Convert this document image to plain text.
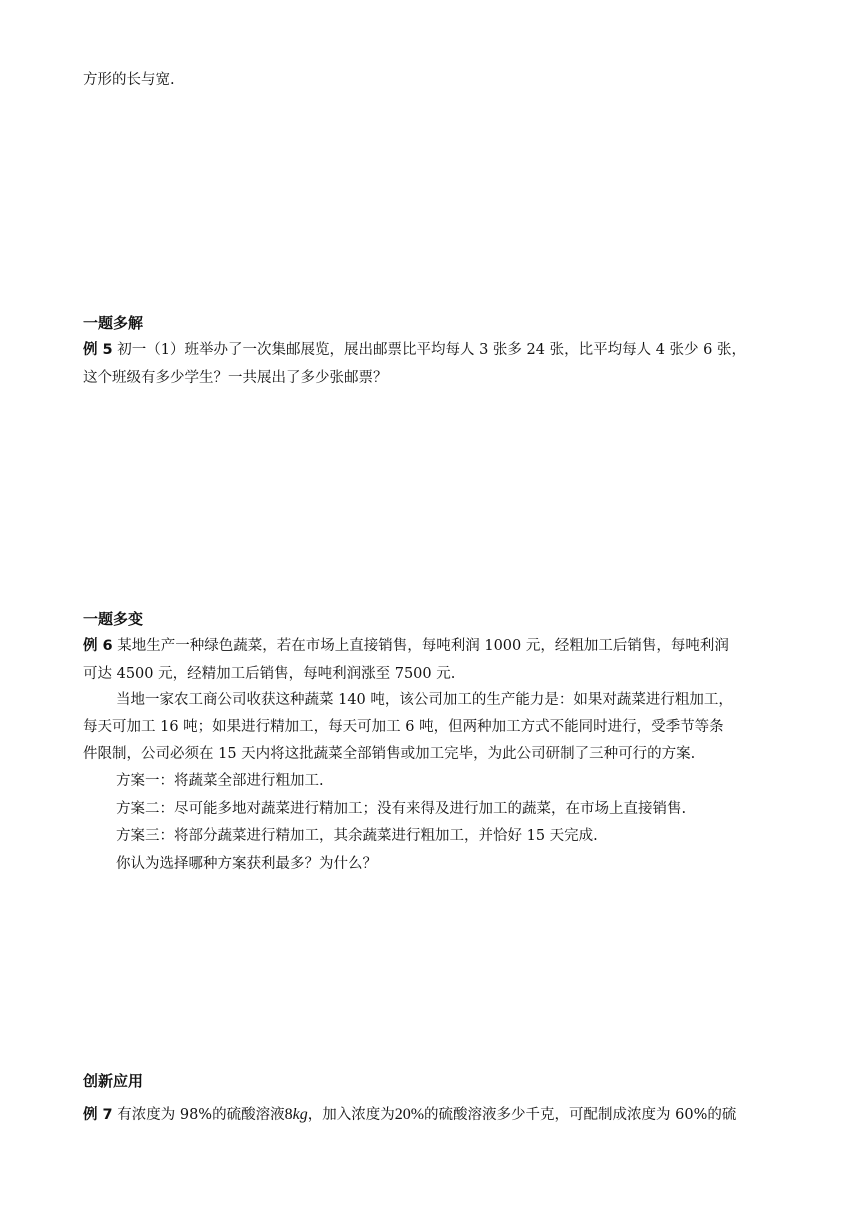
方形的长与宽.

一题多解

例 5 初一（1）班举办了一次集邮展览，展出邮票比平均每人 3 张多 24 张，比平均每人 4 张少 6 张，

这个班级有多少学生？一共展出了多少张邮票？

一题多变

例 6 某地生产一种绿色蔬菜，若在市场上直接销售，每吨利润 1000 元，经粗加工后销售，每吨利润

可达 4500 元，经精加工后销售，每吨利润涨至 7500 元.

当地一家农工商公司收获这种蔬菜 140 吨，该公司加工的生产能力是：如果对蔬菜进行粗加工，

每天可加工 16 吨；如果进行精加工，每天可加工 6 吨，但两种加工方式不能同时进行，受季节等条

件限制，公司必须在 15 天内将这批蔬菜全部销售或加工完毕，为此公司研制了三种可行的方案.

方案一：将蔬菜全部进行粗加工.

方案二：尽可能多地对蔬菜进行精加工；没有来得及进行加工的蔬菜，在市场上直接销售.

方案三：将部分蔬菜进行精加工，其余蔬菜进行粗加工，并恰好 15 天完成.

你认为选择哪种方案获利最多？为什么？

创新应用

例 7 有浓度为 98%的硫酸溶液8kg，加入浓度为20%的硫酸溶液多少千克，可配制成浓度为 60%的硫
